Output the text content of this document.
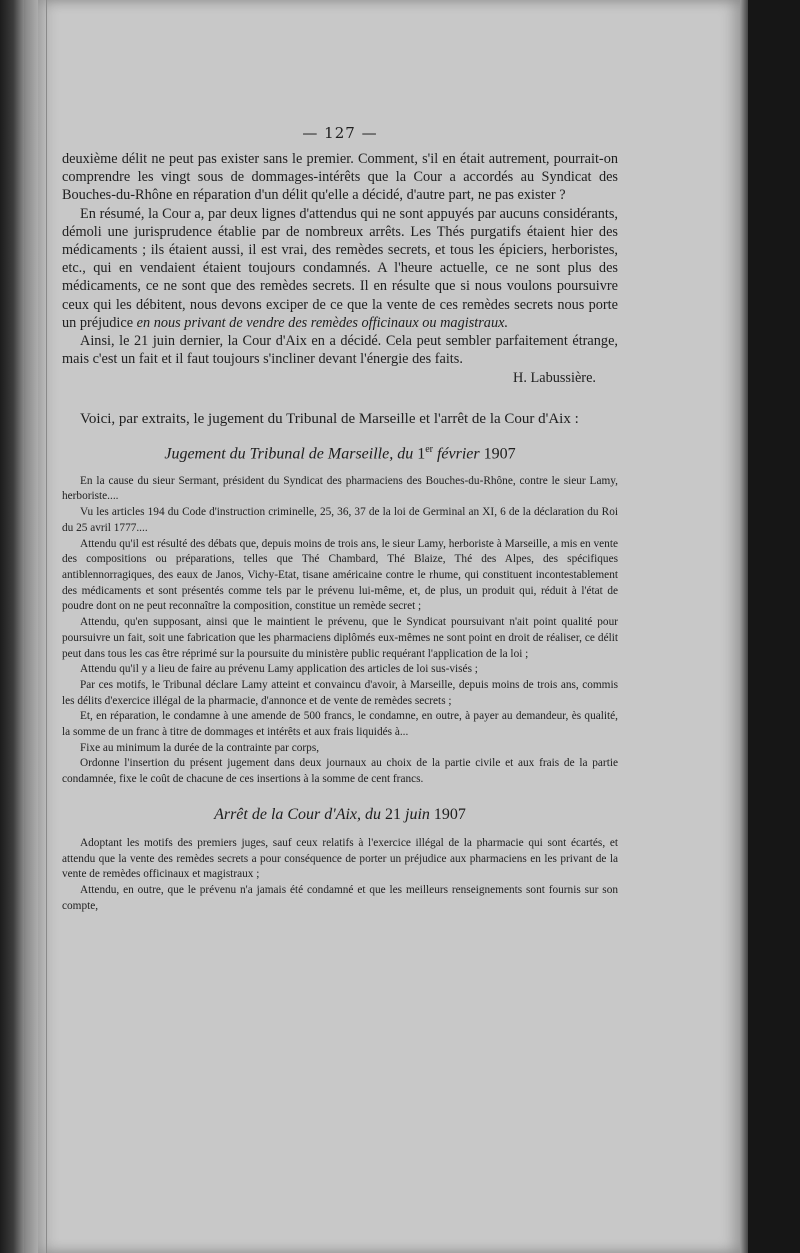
— 127 —

deuxième délit ne peut pas exister sans le premier. Comment, s'il en était autrement, pourrait-on comprendre les vingt sous de dommages-intérêts que la Cour a accordés au Syndicat des Bouches-du-Rhône en réparation d'un délit qu'elle a décidé, d'autre part, ne pas exister ?

En résumé, la Cour a, par deux lignes d'attendus qui ne sont appuyés par aucuns considérants, démoli une jurisprudence établie par de nombreux arrêts. Les Thés purgatifs étaient hier des médicaments ; ils étaient aussi, il est vrai, des remèdes secrets, et tous les épiciers, herboristes, etc., qui en vendaient étaient toujours condamnés. A l'heure actuelle, ce ne sont plus des médicaments, ce ne sont que des remèdes secrets. Il en résulte que si nous voulons poursuivre ceux qui les débitent, nous devons exciper de ce que la vente de ces remèdes secrets nous porte un préjudice en nous privant de vendre des remèdes officinaux ou magistraux.

Ainsi, le 21 juin dernier, la Cour d'Aix en a décidé. Cela peut sembler parfaitement étrange, mais c'est un fait et il faut toujours s'incliner devant l'énergie des faits.

H. Labussière.

Voici, par extraits, le jugement du Tribunal de Marseille et l'arrêt de la Cour d'Aix :

Jugement du Tribunal de Marseille, du 1er février 1907

En la cause du sieur Sermant, président du Syndicat des pharmaciens des Bouches-du-Rhône, contre le sieur Lamy, herboriste....

Vu les articles 194 du Code d'instruction criminelle, 25, 36, 37 de la loi de Germinal an XI, 6 de la déclaration du Roi du 25 avril 1777....

Attendu qu'il est résulté des débats que, depuis moins de trois ans, le sieur Lamy, herboriste à Marseille, a mis en vente des compositions ou préparations, telles que Thé Chambard, Thé Blaize, Thé des Alpes, des spécifiques antiblennorragiques, des eaux de Janos, Vichy-Etat, tisane américaine contre le rhume, qui constituent incontestablement des médicaments et sont présentés comme tels par le prévenu lui-même, et, de plus, un produit qui, réduit à l'état de poudre dont on ne peut reconnaître la composition, constitue un remède secret ;

Attendu, qu'en supposant, ainsi que le maintient le prévenu, que le Syndicat poursuivant n'ait point qualité pour poursuivre un fait, soit une fabrication que les pharmaciens diplômés eux-mêmes ne sont point en droit de réaliser, ce délit peut dans tous les cas être réprimé sur la poursuite du ministère public requérant l'application de la loi ;

Attendu qu'il y a lieu de faire au prévenu Lamy application des articles de loi sus-visés ;

Par ces motifs, le Tribunal déclare Lamy atteint et convaincu d'avoir, à Marseille, depuis moins de trois ans, commis les délits d'exercice illégal de la pharmacie, d'annonce et de vente de remèdes secrets ;

Et, en réparation, le condamne à une amende de 500 francs, le condamne, en outre, à payer au demandeur, ès qualité, la somme de un franc à titre de dommages et intérêts et aux frais liquidés à...

Fixe au minimum la durée de la contrainte par corps,

Ordonne l'insertion du présent jugement dans deux journaux au choix de la partie civile et aux frais de la partie condamnée, fixe le coût de chacune de ces insertions à la somme de cent francs.

Arrêt de la Cour d'Aix, du 21 juin 1907

Adoptant les motifs des premiers juges, sauf ceux relatifs à l'exercice illégal de la pharmacie qui sont écartés, et attendu que la vente des remèdes secrets a pour conséquence de porter un préjudice aux pharmaciens en les privant de la vente de remèdes officinaux et magistraux ;

Attendu, en outre, que le prévenu n'a jamais été condamné et que les meilleurs renseignements sont fournis sur son compte,
